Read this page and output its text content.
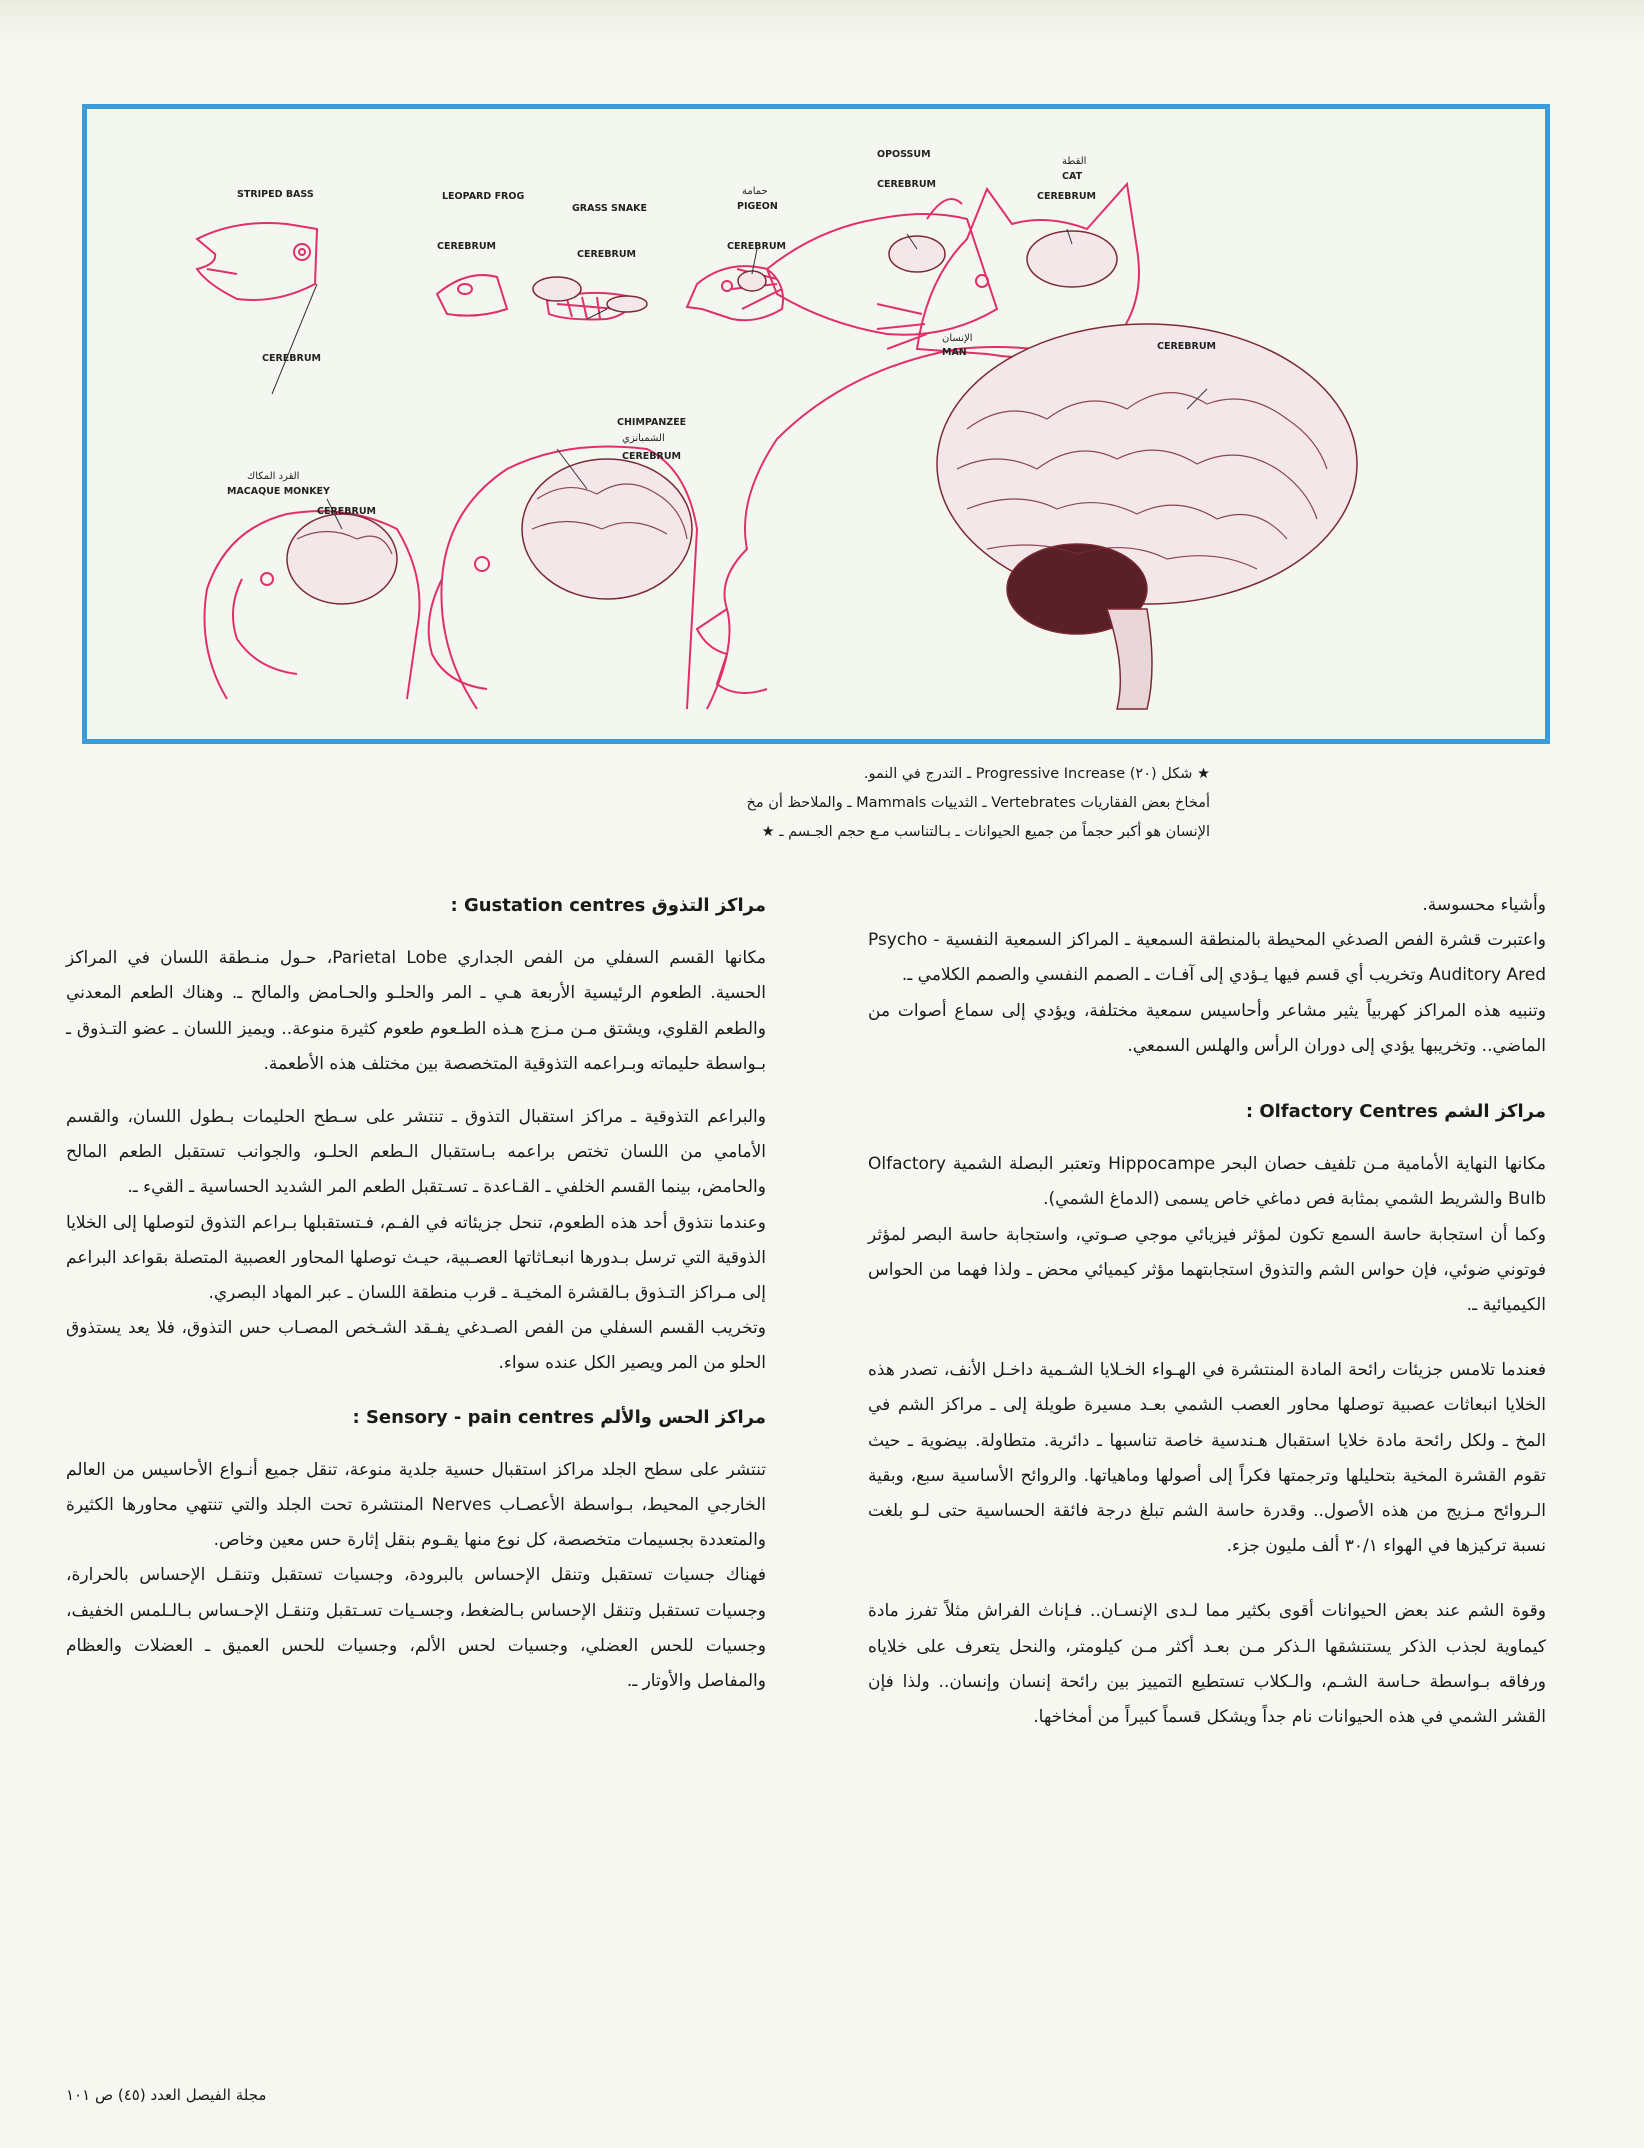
STRIPED BASS
CEREBRUM
LEOPARD FROG
CEREBRUM
GRASS SNAKE
CEREBRUM
PIGEON
CEREBRUM
OPOSSUM
CEREBRUM
CAT
CEREBRUM
MAN
CEREBRUM
CHIMPANZEE
CEREBRUM
MACAQUE MONKEY
CEREBRUM
حمامة
القطة
الإنسان
الشمبانزي
القرد المكاك
★ شكل (٢٠) Progressive Increase ـ التدرج في النمو.
أمخاخ بعض الفقاريات Vertebrates ـ الثدييات Mammals ـ والملاحظ أن مخ
الإنسان هو أكبر حجماً من جميع الحيوانات ـ بـالتناسب مـع حجم الجـسم ـ ★

وأشياء محسوسة.

واعتبرت قشرة الفص الصدغي المحيطة بالمنطقة السمعية ـ المراكز السمعية النفسية Psycho - Auditory Ared وتخريب أي قسم فيها يـؤدي إلى آفـات ـ الصمم النفسي والصمم الكلامي ـ.

وتنبيه هذه المراكز كهربياً يثير مشاعر وأحاسيس سمعية مختلفة، ويؤدي إلى سماع أصوات من الماضي.. وتخريبها يؤدي إلى دوران الرأس والهلس السمعي.

مراكز الشم Olfactory Centres :

مكانها النهاية الأمامية مـن تلفيف حصان البحر Hippocampe وتعتبر البصلة الشمية Olfactory Bulb والشريط الشمي بمثابة فص دماغي خاص يسمى (الدماغ الشمي).

وكما أن استجابة حاسة السمع تكون لمؤثر فيزيائي موجي صـوتي، واستجابة حاسة البصر لمؤثر فوتوني ضوئي، فإن حواس الشم والتذوق استجابتهما مؤثر كيميائي محض ـ ولذا فهما من الحواس الكيميائية ـ.

فعندما تلامس جزيئات رائحة المادة المنتشرة في الهـواء الخـلايا الشـمية داخـل الأنف، تصدر هذه الخلايا انبعاثات عصبية توصلها محاور العصب الشمي بعـد مسيرة طويلة إلى ـ مراكز الشم في المخ ـ ولكل رائحة مادة خلايا استقبال هـندسية خاصة تناسبها ـ دائرية. متطاولة. بيضوية ـ حيث تقوم القشرة المخية بتحليلها وترجمتها فكراً إلى أصولها وماهياتها. والروائح الأساسية سبع، وبقية الـروائح مـزيج من هذه الأصول.. وقدرة حاسة الشم تبلغ درجة فائقة الحساسية حتى لـو بلغت نسبة تركيزها في الهواء ٣٠/١ ألف مليون جزء.

وقوة الشم عند بعض الحيوانات أقوى بكثير مما لـدى الإنسـان.. فـإناث الفراش مثلاً تفرز مادة كيماوية لجذب الذكر يستنشقها الـذكر مـن بعـد أكثر مـن كيلومتر، والنحل يتعرف على خلاياه ورفاقه بـواسطة حـاسة الشـم، والـكلاب تستطيع التمييز بين رائحة إنسان وإنسان.. ولذا فإن القشر الشمي في هذه الحيوانات نام جداً ويشكل قسماً كبيراً من أمخاخها.

مراكز التذوق Gustation centres :

مكانها القسم السفلي من الفص الجداري Parietal Lobe، حـول منـطقة اللسان في المراكز الحسية. الطعوم الرئيسية الأربعة هـي ـ المر والحلـو والحـامض والمالح ـ. وهناك الطعم المعدني والطعم القلوي، ويشتق مـن مـزج هـذه الطـعوم طعوم كثيرة منوعة.. ويميز اللسان ـ عضو التـذوق ـ بـواسطة حليماته وبـراعمه التذوقية المتخصصة بين مختلف هذه الأطعمة.

والبراعم التذوقية ـ مراكز استقبال التذوق ـ تنتشر على سـطح الحليمات بـطول اللسان، والقسم الأمامي من اللسان تختص براعمه بـاستقبال الـطعم الحلـو، والجوانب تستقبل الطعم المالح والحامض، بينما القسم الخلفي ـ القـاعدة ـ تسـتقبل الطعم المر الشديد الحساسية ـ القيء ـ.

وعندما نتذوق أحد هذه الطعوم، تنحل جزيئاته في الفـم، فـتستقبلها بـراعم التذوق لتوصلها إلى الخلايا الذوقية التي ترسل بـدورها انبعـاثاتها العصـبية، حيـث توصلها المحاور العصبية المتصلة بقواعد البراعم إلى مـراكز التـذوق بـالقشرة المخيـة ـ قرب منطقة اللسان ـ عبر المهاد البصري.

وتخريب القسم السفلي من الفص الصـدغي يفـقد الشـخص المصـاب حس التذوق، فلا يعد يستذوق الحلو من المر ويصير الكل عنده سواء.

مراكز الحس والألم Sensory - pain centres :

تنتشر على سطح الجلد مراكز استقبال حسية جلدية منوعة، تنقل جميع أنـواع الأحاسيس من العالم الخارجي المحيط، بـواسطة الأعصـاب Nerves المنتشرة تحت الجلد والتي تنتهي محاورها الكثيرة والمتعددة بجسيمات متخصصة، كل نوع منها يقـوم بنقل إثارة حس معين وخاص.

فهناك جسيات تستقبل وتنقل الإحساس بالبرودة، وجسيات تستقبل وتنقـل الإحساس بالحرارة، وجسيات تستقبل وتنقل الإحساس بـالضغط، وجسـيات تسـتقبل وتنقـل الإحـساس بـالـلمس الخفيف، وجسيات للحس العضلي، وجسيات لحس الألم، وجسيات للحس العميق ـ العضلات والعظام والمفاصل والأوتار ـ.

مجلة الفيصل العدد (٤٥) ص ١٠١
